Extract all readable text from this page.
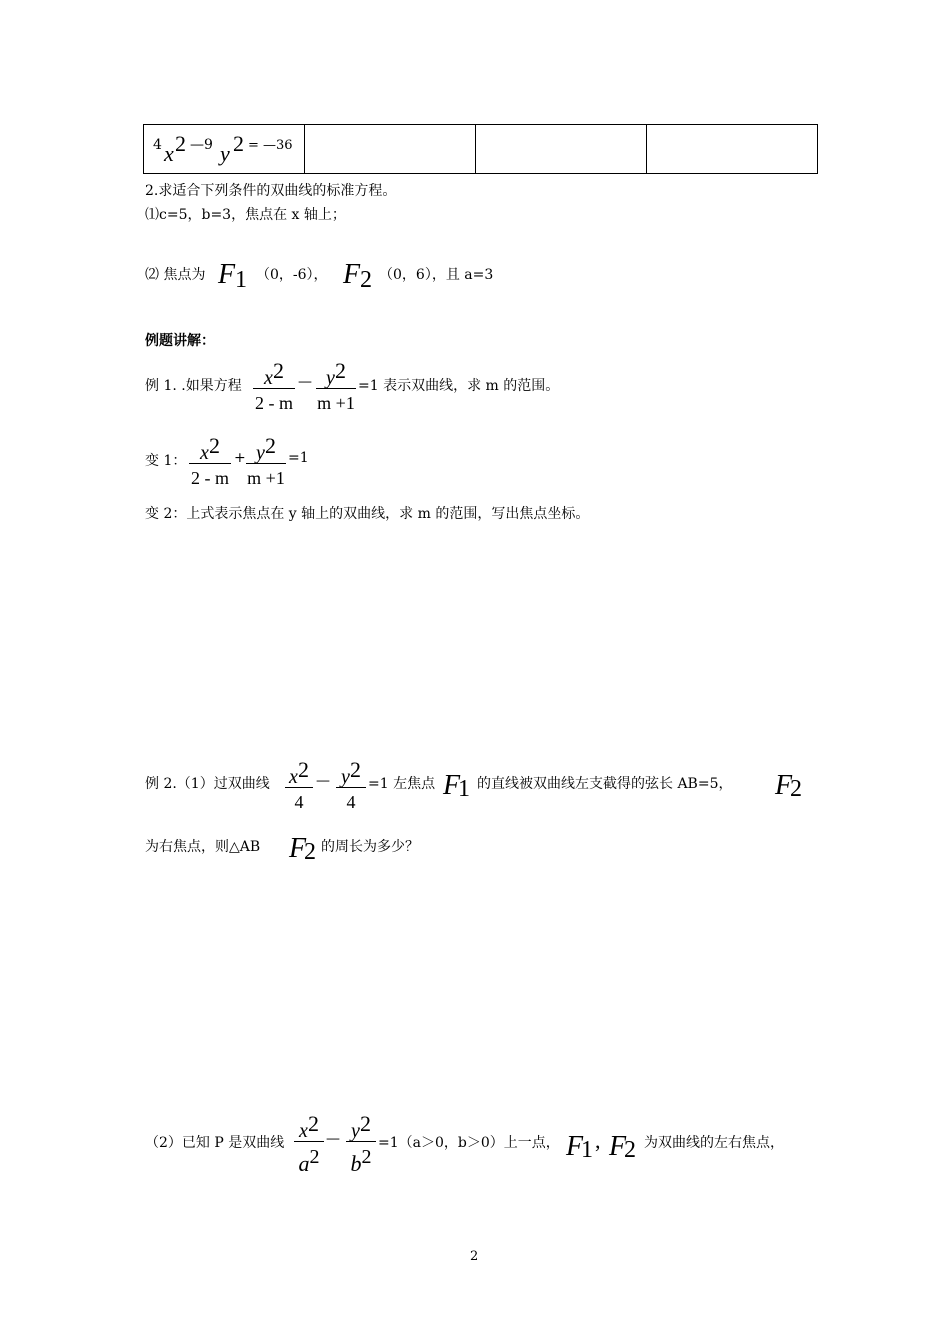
4 x 2 —9 y 2 = —36

2.求适合下列条件的双曲线的标准方程。
⑴c=5，b=3，焦点在 x 轴上；
⑵ 焦点为 F 1 （0，-6）， F 2 （0，6），且 a=3
例题讲解：
例 1. .如果方程	$x^2$
2 - m
— $y^2$
m +1
=1 表示双曲线，求 m 的范围。
变 1： $x^2$
2 - m
+ $y^2$
m +1
=1
变 2：上式表示焦点在 y 轴上的双曲线，求 m 的范围，写出焦点坐标。
例 2.（1）过双曲线 $x^2$
4
— $y^2$
4
=1 左焦点 F
1 的直线被双曲线左支截得的弦长 AB=5， F
2
为右焦点，则△AB F
2 的周长为多少？
（2）已知 P 是双曲线
$x^2$
$a^2$
— $y^2$
$b^2$
=1（a＞0，b＞0）上一点， F
1 , F
2 为双曲线的左右焦点，
2
